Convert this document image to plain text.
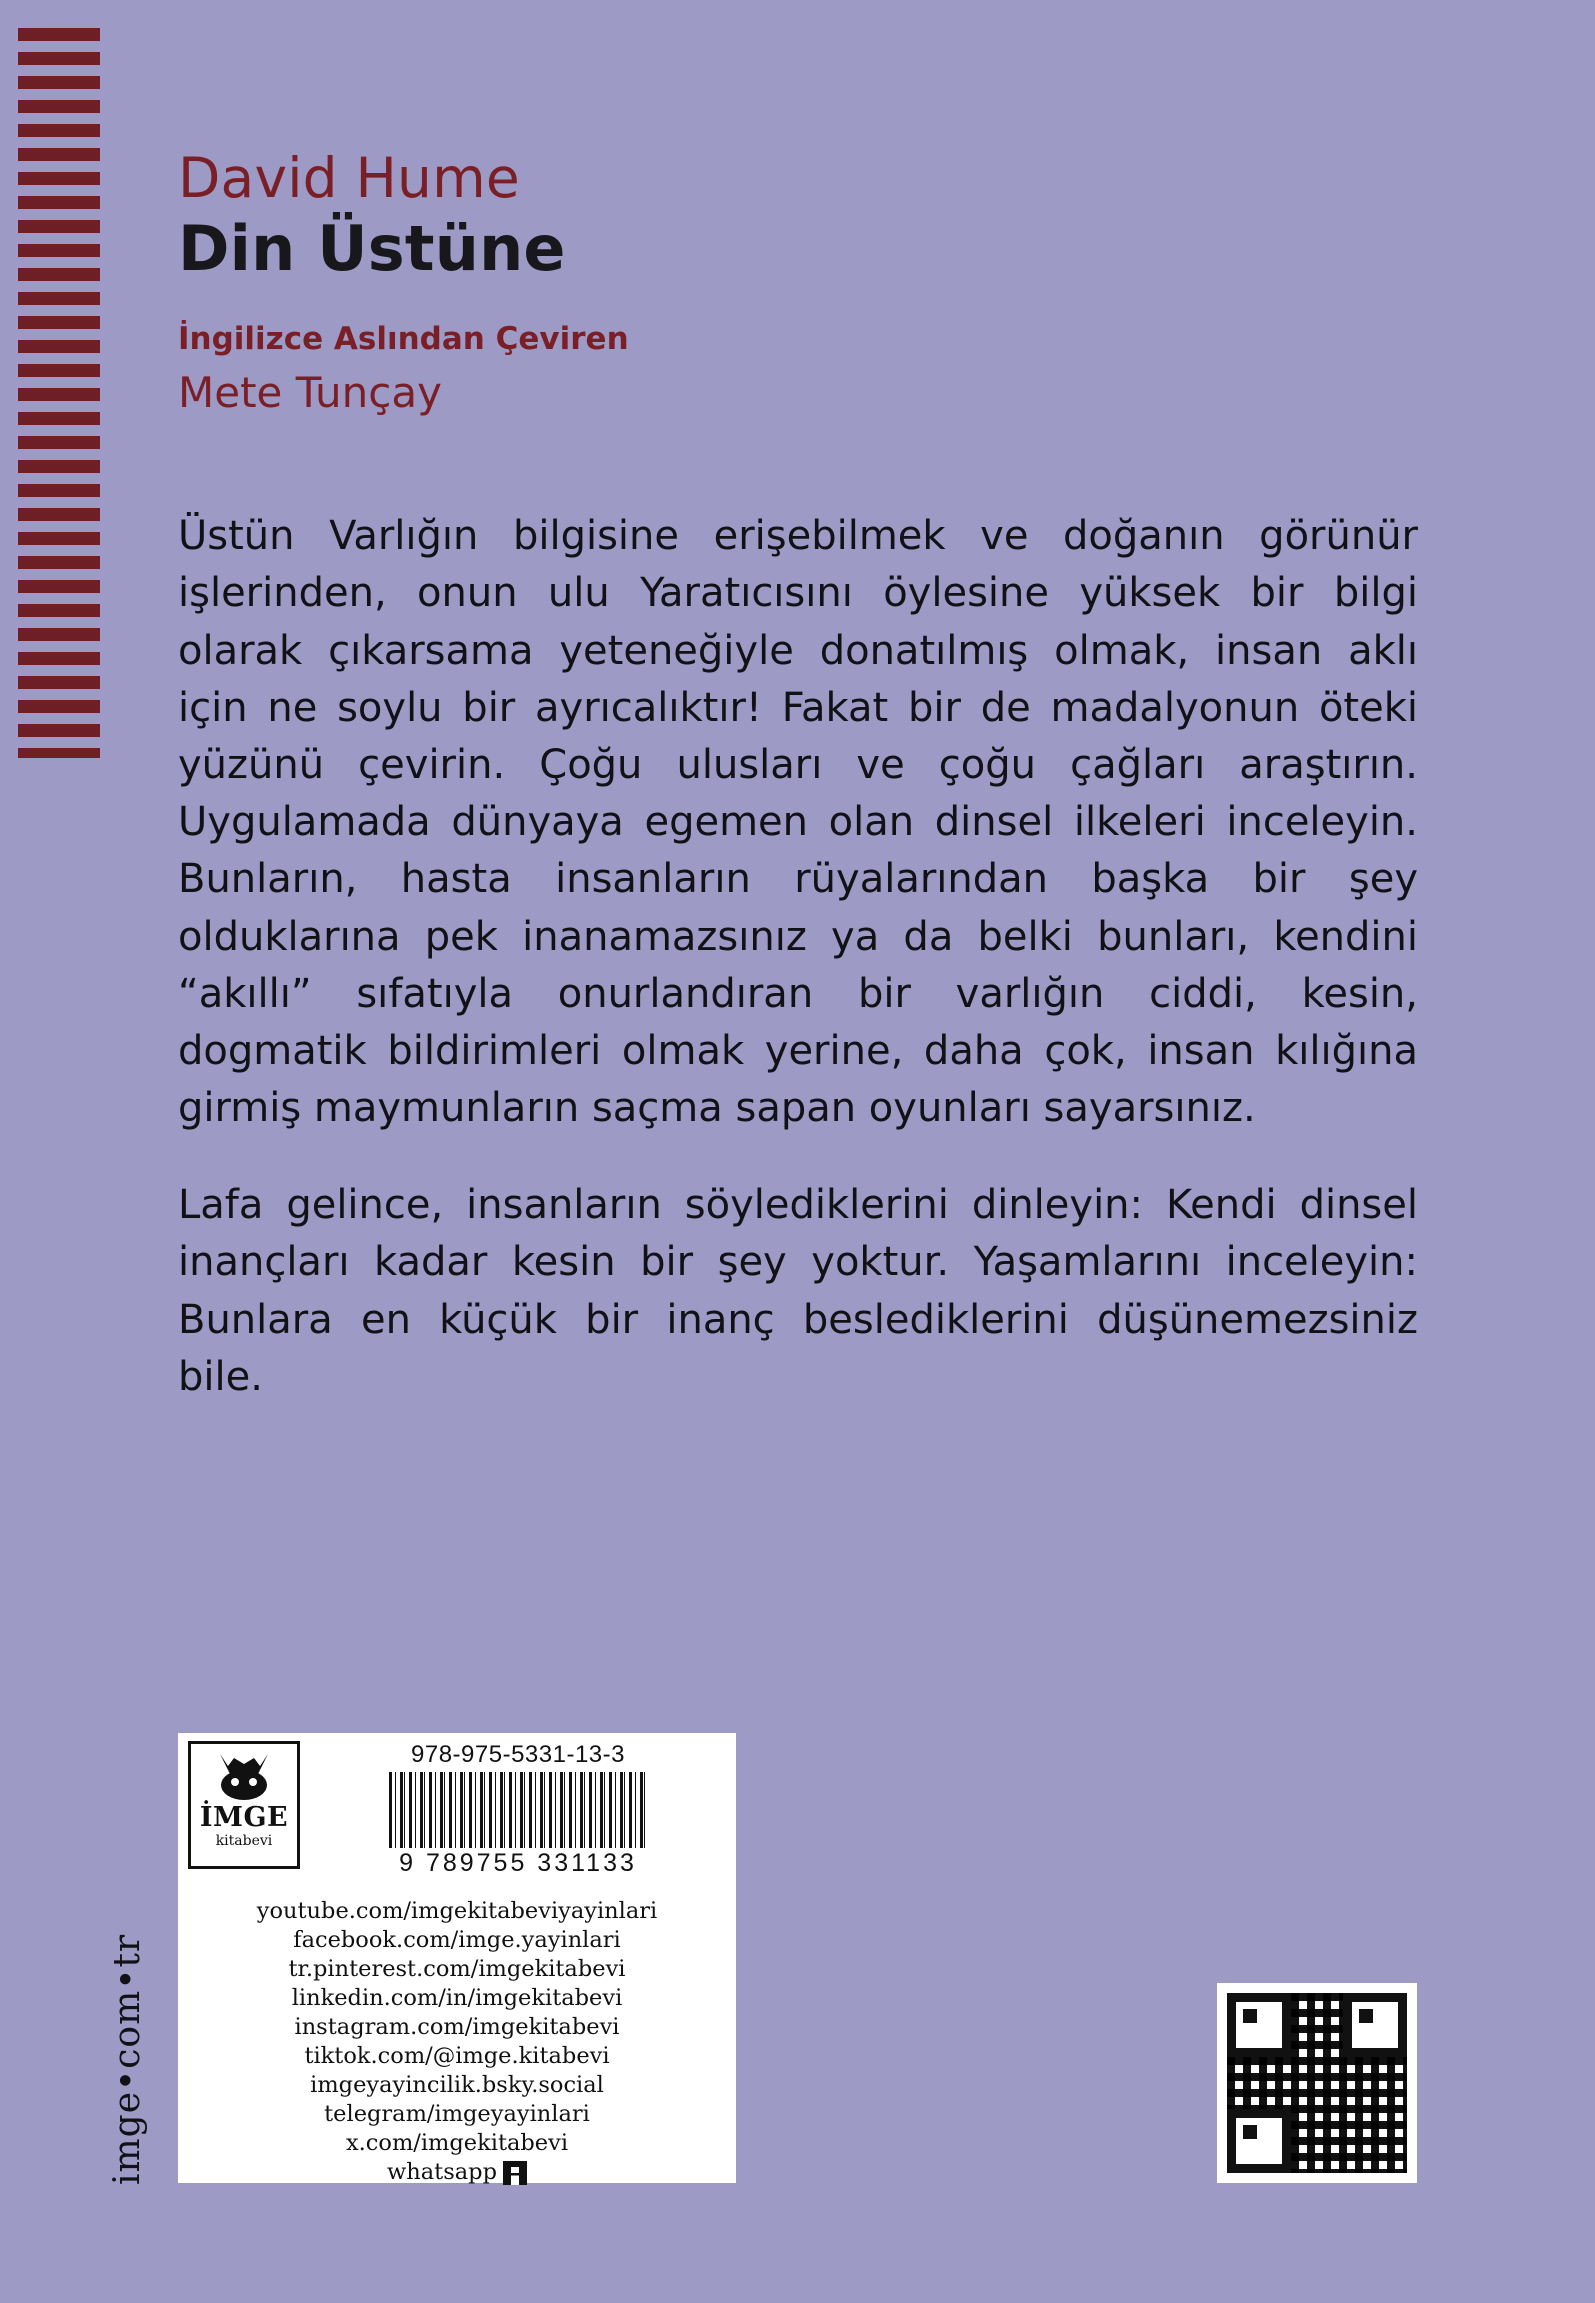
imge•com•tr
David Hume
Din Üstüne
İngilizce Aslından Çeviren
Mete Tunçay

Üstün Varlığın bilgisine erişebilmek ve doğanın görünür işlerinden, onun ulu Yaratıcısını öylesine yüksek bir bilgi olarak çıkarsama yeteneğiyle donatılmış olmak, insan aklı için ne soylu bir ayrıcalıktır! Fakat bir de madalyonun öteki yüzünü çevirin. Çoğu ulusları ve çoğu çağları araştırın. Uygulamada dünyaya egemen olan dinsel ilkeleri inceleyin. Bunların, hasta insanların rüyalarından başka bir şey olduklarına pek inanamazsınız ya da belki bunları, kendini “akıllı” sıfatıyla onurlandıran bir varlığın ciddi, kesin, dogmatik bildirimleri olmak yerine, daha çok, insan kılığına girmiş maymunların saçma sapan oyunları sayarsınız.

Lafa gelince, insanların söylediklerini dinleyin: Kendi dinsel inançları kadar kesin bir şey yoktur. Yaşamlarını inceleyin: Bunlara en küçük bir inanç beslediklerini düşünemezsiniz bile.

İMGE
kitabevi
978-975-5331-13-3
9 789755 331133
youtube.com/imgekitabeviyayinlari
facebook.com/imge.yayinlari
tr.pinterest.com/imgekitabevi
linkedin.com/in/imgekitabevi
instagram.com/imgekitabevi
tiktok.com/@imge.kitabevi
imgeyayincilik.bsky.social
telegram/imgeyayinlari
x.com/imgekitabevi
whatsapp
